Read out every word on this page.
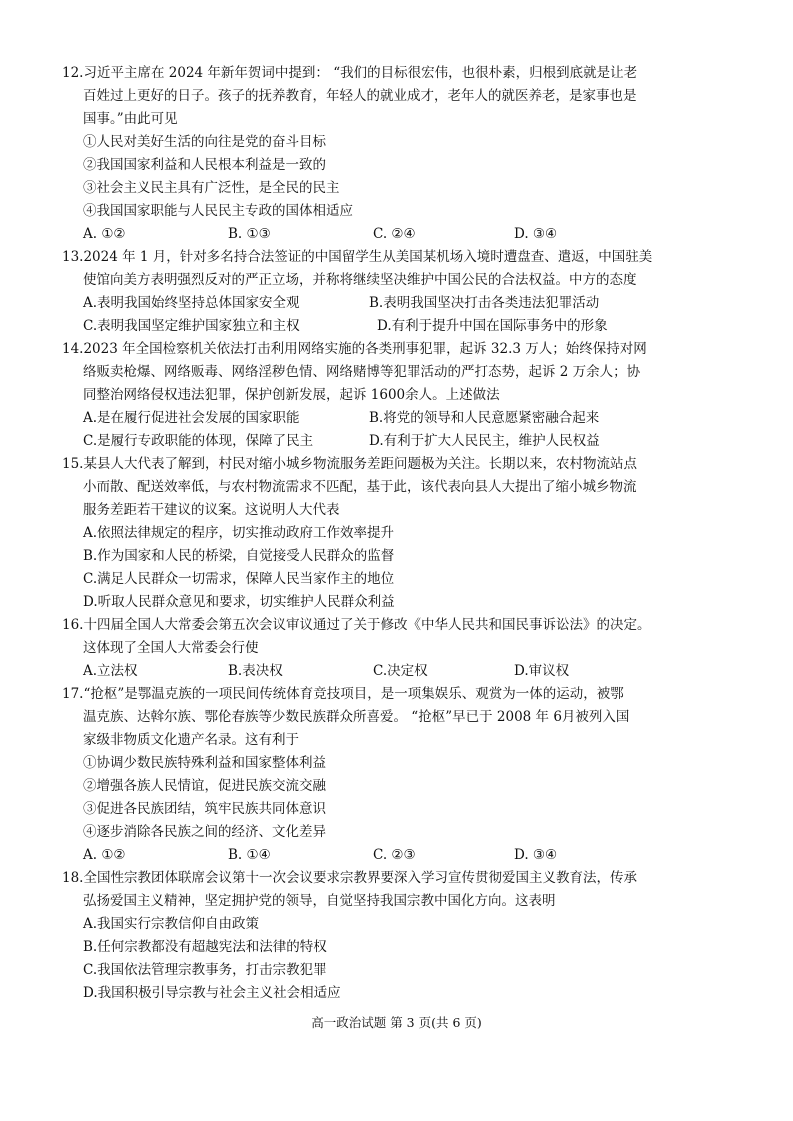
12.习近平主席在 2024 年新年贺词中提到： “我们的目标很宏伟，也很朴素，归根到底就是让老
百姓过上更好的日子。孩子的抚养教育，年轻人的就业成才，老年人的就医养老，是家事也是
国事。”由此可见
①人民对美好生活的向往是党的奋斗目标
②我国国家利益和人民根本利益是一致的
③社会主义民主具有广泛性，是全民的民主
④我国国家职能与人民民主专政的国体相适应
A. ①②	B. ①③	C. ②④	D. ③④
13.2024 年 1 月，针对多名持合法签证的中国留学生从美国某机场入境时遭盘查、遣返，中国驻美
使馆向美方表明强烈反对的严正立场，并称将继续坚决维护中国公民的合法权益。中方的态度
A.表明我国始终坚持总体国家安全观	B.表明我国坚决打击各类违法犯罪活动
C.表明我国坚定维护国家独立和主权	D.有利于提升中国在国际事务中的形象
14.2023 年全国检察机关依法打击利用网络实施的各类刑事犯罪，起诉 32.3 万人；始终保持对网
络贩卖枪爆、网络贩毒、网络淫秽色情、网络赌博等犯罪活动的严打态势，起诉 2 万余人；协
同整治网络侵权违法犯罪，保护创新发展，起诉 1600余人。上述做法
A.是在履行促进社会发展的国家职能	B.将党的领导和人民意愿紧密融合起来
C.是履行专政职能的体现，保障了民主	D.有利于扩大人民民主，维护人民权益
15.某县人大代表了解到，村民对缩小城乡物流服务差距问题极为关注。长期以来，农村物流站点
小而散、配送效率低，与农村物流需求不匹配，基于此，该代表向县人大提出了缩小城乡物流
服务差距若干建议的议案。这说明人大代表
A.依照法律规定的程序，切实推动政府工作效率提升
B.作为国家和人民的桥梁，自觉接受人民群众的监督
C.满足人民群众一切需求，保障人民当家作主的地位
D.听取人民群众意见和要求，切实维护人民群众利益
16.十四届全国人大常委会第五次会议审议通过了关于修改《中华人民共和国民事诉讼法》的决定。
这体现了全国人大常委会行使
A.立法权	B.表决权	C.决定权	D.审议权
17.“抢枢”是鄂温克族的一项民间传统体育竞技项目，是一项集娱乐、观赏为一体的运动，被鄂
温克族、达斡尔族、鄂伦春族等少数民族群众所喜爱。 “抢枢”早已于 2008 年 6月被列入国
家级非物质文化遗产名录。这有利于
①协调少数民族特殊利益和国家整体利益
②增强各族人民情谊，促进民族交流交融
③促进各民族团结，筑牢民族共同体意识
④逐步消除各民族之间的经济、文化差异
A. ①②	B. ①④	C. ②③	D. ③④
18.全国性宗教团体联席会议第十一次会议要求宗教界要深入学习宣传贯彻爱国主义教育法，传承
弘扬爱国主义精神，坚定拥护党的领导，自觉坚持我国宗教中国化方向。这表明
A.我国实行宗教信仰自由政策
B.任何宗教都没有超越宪法和法律的特权
C.我国依法管理宗教事务，打击宗教犯罪
D.我国积极引导宗教与社会主义社会相适应
高一政治试题 第 3 页(共 6 页)
